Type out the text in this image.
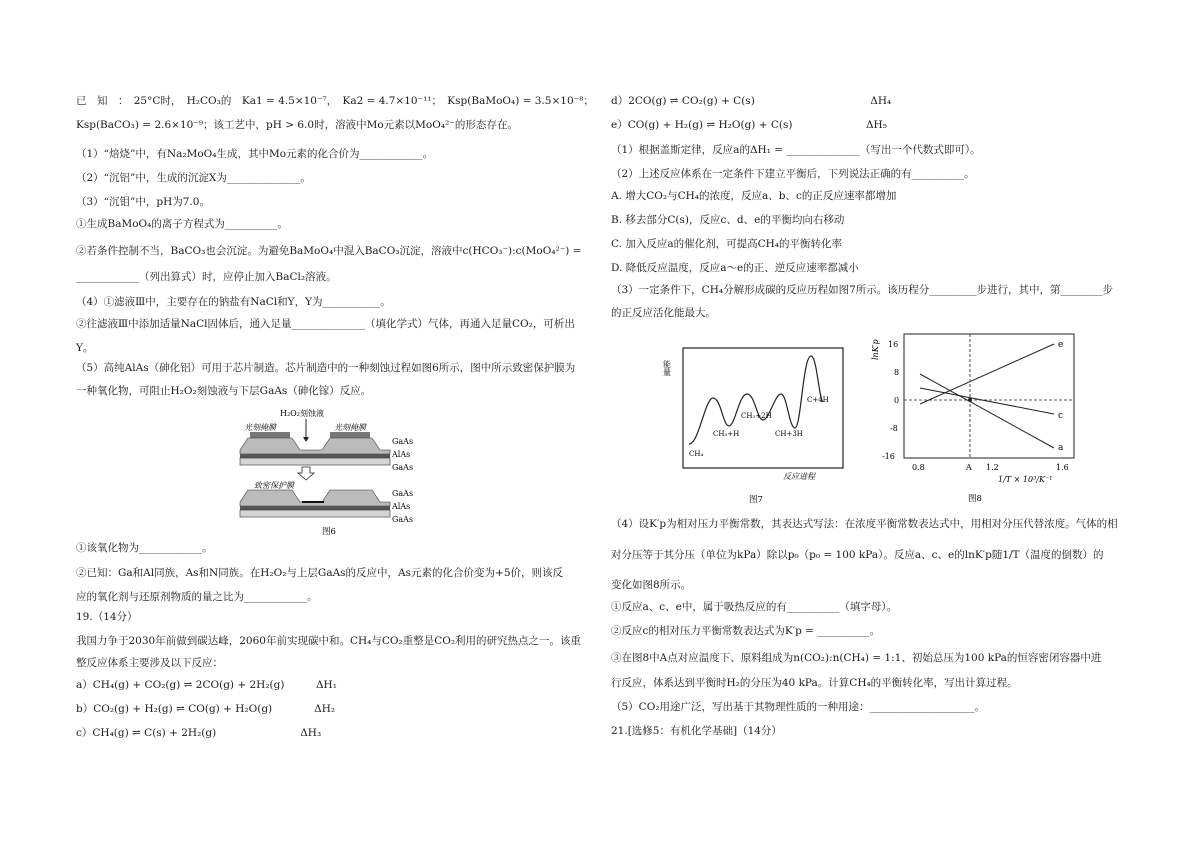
已　知　：　25°C时，　H₂CO₃的　Ka1 = 4.5×10⁻⁷，　Ka2 = 4.7×10⁻¹¹；　Ksp(BaMoO₄) = 3.5×10⁻⁸；
Ksp(BaCO₃) = 2.6×10⁻⁹；该工艺中，pH > 6.0时，溶液中Mo元素以MoO₄²⁻的形态存在。
（1）“焙烧”中，有Na₂MoO₄生成，其中Mo元素的化合价为____________。
（2）“沉铝”中，生成的沉淀X为______________。
（3）“沉钼”中，pH为7.0。
①生成BaMoO₄的离子方程式为__________。
②若条件控制不当，BaCO₃也会沉淀。为避免BaMoO₄中混入BaCO₃沉淀，溶液中c(HCO₃⁻):c(MoO₄²⁻) =
____________（列出算式）时，应停止加入BaCl₂溶液。
（4）①滤液Ⅲ中，主要存在的钠盐有NaCl和Y，Y为___________。
②往滤液Ⅲ中添加适量NaCl固体后，通入足量______________（填化学式）气体，再通入足量CO₂，可析出
Y。
（5）高纯AlAs（砷化铝）可用于芯片制造。芯片制造中的一种刻蚀过程如图6所示，图中所示致密保护膜为
一种氧化物，可阻止H₂O₂刻蚀液与下层GaAs（砷化镓）反应。
①该氧化物为____________。
②已知：Ga和Al同族，As和N同族。在H₂O₂与上层GaAs的反应中，As元素的化合价变为+5价，则该反
应的氧化剂与还原剂物质的量之比为____________。
19.（14分）
我国力争于2030年前做到碳达峰，2060年前实现碳中和。CH₄与CO₂重整是CO₂利用的研究热点之一。该重
整反应体系主要涉及以下反应：
a）CH₄(g) + CO₂(g) ⇌ 2CO(g) + 2H₂(g)　　　ΔH₁
b）CO₂(g) + H₂(g) ⇌ CO(g) + H₂O(g)　　　　ΔH₂
c）CH₄(g) ⇌ C(s) + 2H₂(g)　　　　　　　　ΔH₃
d）2CO(g) ⇌ CO₂(g) + C(s)　　　　　　　　　　　ΔH₄
e）CO(g) + H₂(g) ⇌ H₂O(g) + C(s)　　　　　　　ΔH₅
（1）根据盖斯定律，反应a的ΔH₁ = ______________（写出一个代数式即可）。
（2）上述反应体系在一定条件下建立平衡后，下列说法正确的有__________。
A. 增大CO₂与CH₄的浓度，反应a、b、c的正反应速率都增加
B. 移去部分C(s)，反应c、d、e的平衡均向右移动
C. 加入反应a的催化剂，可提高CH₄的平衡转化率
D. 降低反应温度，反应a～e的正、逆反应速率都减小
（3）一定条件下，CH₄分解形成碳的反应历程如图7所示。该历程分_________步进行，其中，第________步
的正反应活化能最大。
（4）设K′p为相对压力平衡常数，其表达式写法：在浓度平衡常数表达式中，用相对分压代替浓度。气体的相
对分压等于其分压（单位为kPa）除以p₀（p₀ = 100 kPa）。反应a、c、e的lnK′p随1/T（温度的倒数）的
变化如图8所示。
①反应a、c、e中，属于吸热反应的有__________（填字母）。
②反应c的相对压力平衡常数表达式为K′p = __________。
③在图8中A点对应温度下、原料组成为n(CO₂):n(CH₄) = 1:1、初始总压为100 kPa的恒容密闭容器中进
行反应，体系达到平衡时H₂的分压为40 kPa。计算CH₄的平衡转化率，写出计算过程。
（5）CO₂用途广泛，写出基于其物理性质的一种用途：____________________。
21.[选修5：有机化学基础]（14分）
H₂O₂刻蚀液
光刻掩膜	光刻掩膜
GaAs
AlAs
GaAs
致密保护膜
GaAs
AlAs
GaAs
图6
能量
CH₄
CH₃+H
CH₂+2H
CH+3H
C+4H
反应进程
图7
lnK′p 16
8
0
-8
-16
e
c
a
0.8	A 1.2	1.6
1/T × 10³/K⁻¹
图8
